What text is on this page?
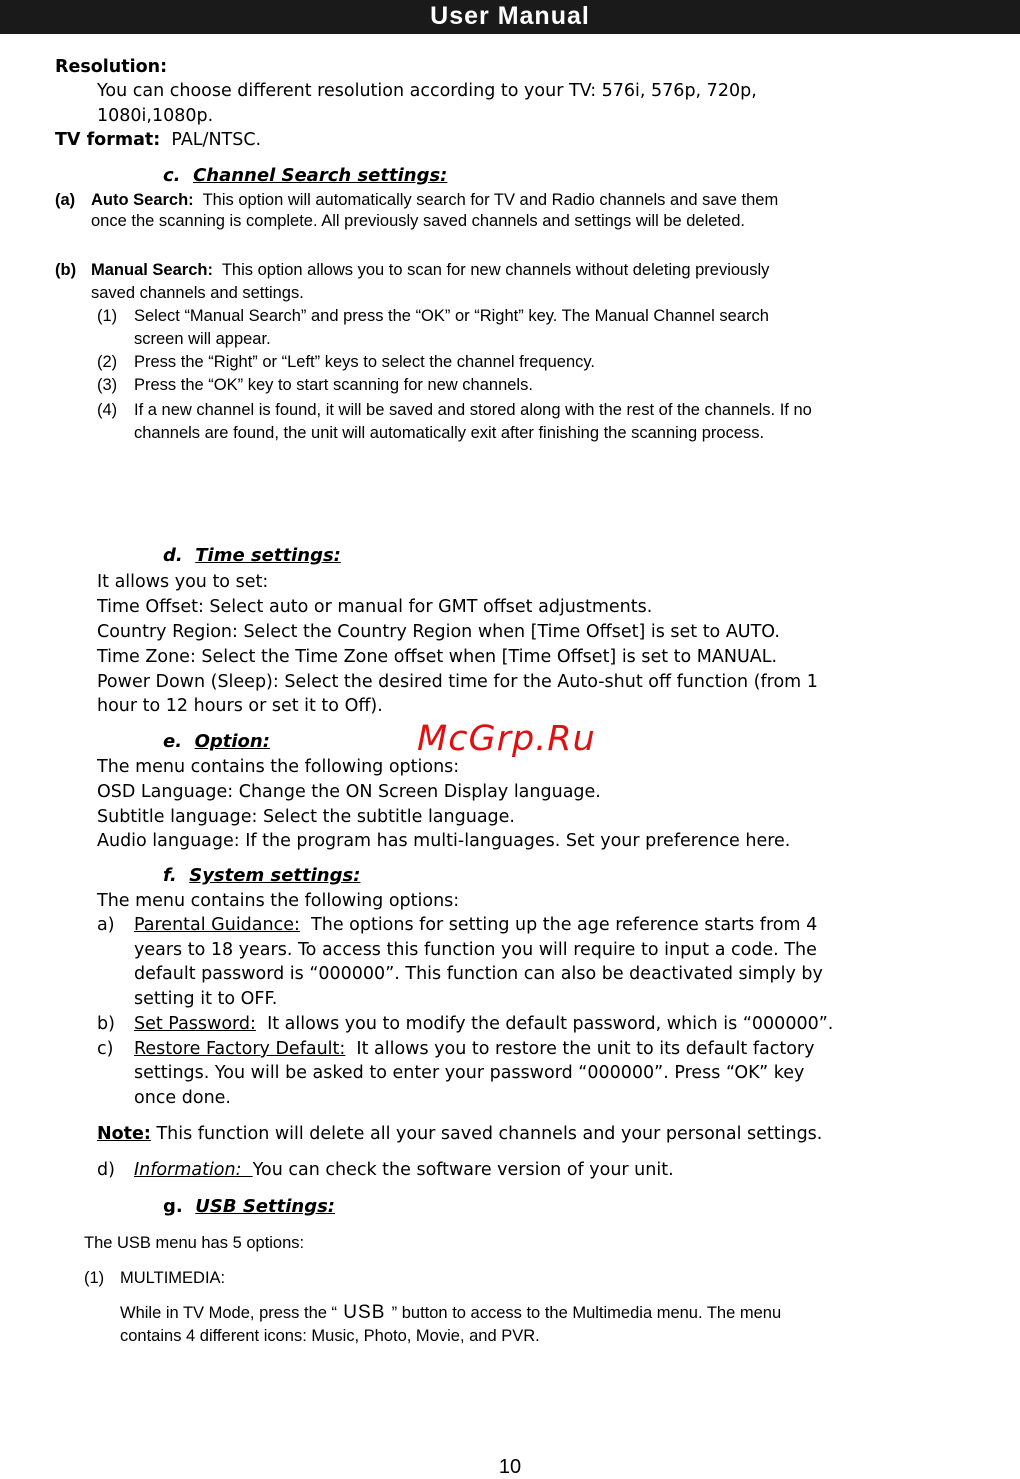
User Manual
Resolution:
You can choose different resolution according to your TV: 576i, 576p, 720p,
1080i,1080p.
TV format: PAL/NTSC.
c. Channel Search settings:
(a) Auto Search: This option will automatically search for TV and Radio channels and save them
once the scanning is complete. All previously saved channels and settings will be deleted.
(b) Manual Search: This option allows you to scan for new channels without deleting previously
saved channels and settings.
(1) Select “Manual Search” and press the “OK” or “Right” key. The Manual Channel search
screen will appear.
(2) Press the “Right” or “Left” keys to select the channel frequency.
(3) Press the “OK” key to start scanning for new channels.
(4) If a new channel is found, it will be saved and stored along with the rest of the channels. If no
channels are found, the unit will automatically exit after finishing the scanning process.
d. Time settings:
It allows you to set:
Time Offset: Select auto or manual for GMT offset adjustments.
Country Region: Select the Country Region when [Time Offset] is set to AUTO.
Time Zone: Select the Time Zone offset when [Time Offset] is set to MANUAL.
Power Down (Sleep): Select the desired time for the Auto-shut off function (from 1
hour to 12 hours or set it to Off).
e. Option:	McGrp.Ru
The menu contains the following options:
OSD Language: Change the ON Screen Display language.
Subtitle language: Select the subtitle language.
Audio language: If the program has multi-languages. Set your preference here.
f. System settings:
The menu contains the following options:
a) Parental Guidance:  The options for setting up the age reference starts from 4
years to 18 years. To access this function you will require to input a code. The
default password is “000000”. This function can also be deactivated simply by
setting it to OFF.
b) Set Password:  It allows you to modify the default password, which is “000000”.
c) Restore Factory Default:  It allows you to restore the unit to its default factory
settings. You will be asked to enter your password “000000”. Press “OK” key
once done.
Note: This function will delete all your saved channels and your personal settings.
d) Information:  You can check the software version of your unit.
g. USB Settings:
The USB menu has 5 options:
(1) MULTIMEDIA:
While in TV Mode, press the “ USB ” button to access to the Multimedia menu. The menu
contains 4 different icons: Music, Photo, Movie, and PVR.
10
